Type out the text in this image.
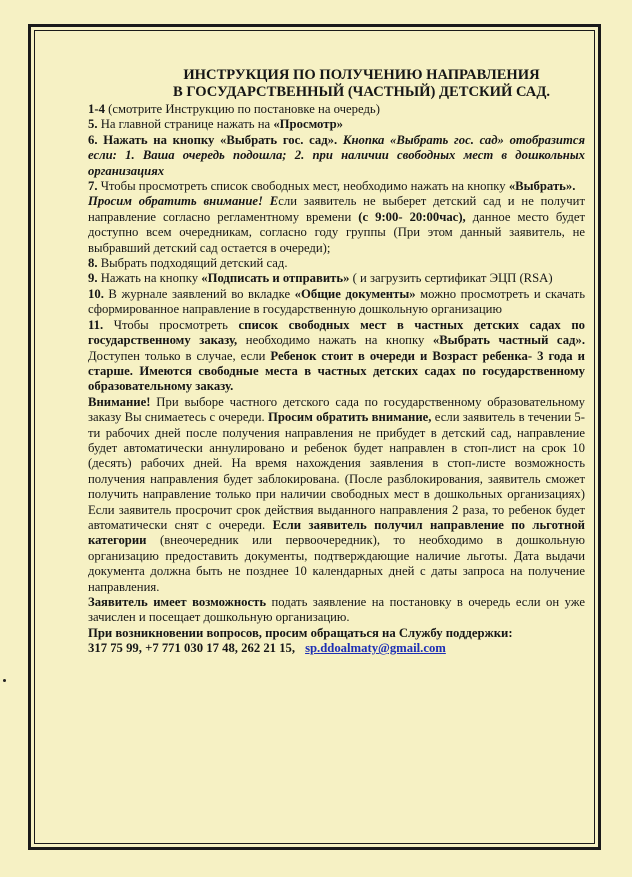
ИНСТРУКЦИЯ ПО ПОЛУЧЕНИЮ НАПРАВЛЕНИЯ
В ГОСУДАРСТВЕННЫЙ (ЧАСТНЫЙ) ДЕТСКИЙ САД.

1-4 (смотрите Инструкцию по постановке на очередь)

5. На главной странице нажать на «Просмотр»

6. Нажать на кнопку «Выбрать гос. сад». Кнопка «Выбрать гос. сад» отобразится если: 1. Ваша очередь подошла; 2. при наличии свободных мест в дошкольных организациях

7. Чтобы просмотреть список свободных мест, необходимо нажать на кнопку «Выбрать».

Просим обратить внимание! Если заявитель не выберет детский сад и не получит направление согласно регламентному времени (с 9:00- 20:00час), данное место будет доступно всем очередникам, согласно году группы (При этом данный заявитель, не выбравший детский сад остается в очереди);

8. Выбрать подходящий детский сад.

9. Нажать на кнопку «Подписать и отправить» ( и загрузить сертификат ЭЦП (RSA)

10. В журнале заявлений во вкладке «Общие документы» можно просмотреть и скачать сформированное направление в государственную дошкольную организацию

11. Чтобы просмотреть список свободных мест в частных детских садах по государственному заказу, необходимо нажать на кнопку «Выбрать частный сад». Доступен только в случае, если Ребенок стоит в очереди и Возраст ребенка- 3 года и старше. Имеются свободные места в частных детских садах по государственному образовательному заказу.

Внимание! При выборе частного детского сада по государственному образовательному заказу Вы снимаетесь с очереди. Просим обратить внимание, если заявитель в течении 5-ти рабочих дней после получения направления не прибудет в детский сад, направление будет автоматически аннулировано и ребенок будет направлен в стоп-лист на срок 10 (десять) рабочих дней. На время нахождения заявления в стоп-листе возможность получения направления будет заблокирована. (После разблокирования, заявитель сможет получить направление только при наличии свободных мест в дошкольных организациях) Если заявитель просрочит срок действия выданного направления 2 раза, то ребенок будет автоматически снят с очереди. Если заявитель получил направление по льготной категории (внеочередник или первоочередник), то необходимо в дошкольную организацию предоставить документы, подтверждающие наличие льготы. Дата выдачи документа должна быть не позднее 10 календарных дней с даты запроса на получение направления.

Заявитель имеет возможность подать заявление на постановку в очередь если он уже зачислен и посещает дошкольную организацию.

При возникновении вопросов, просим обращаться на Службу поддержки:

317 75 99, +7 771 030 17 48, 262 21 15, sp.ddoalmaty@gmail.com
